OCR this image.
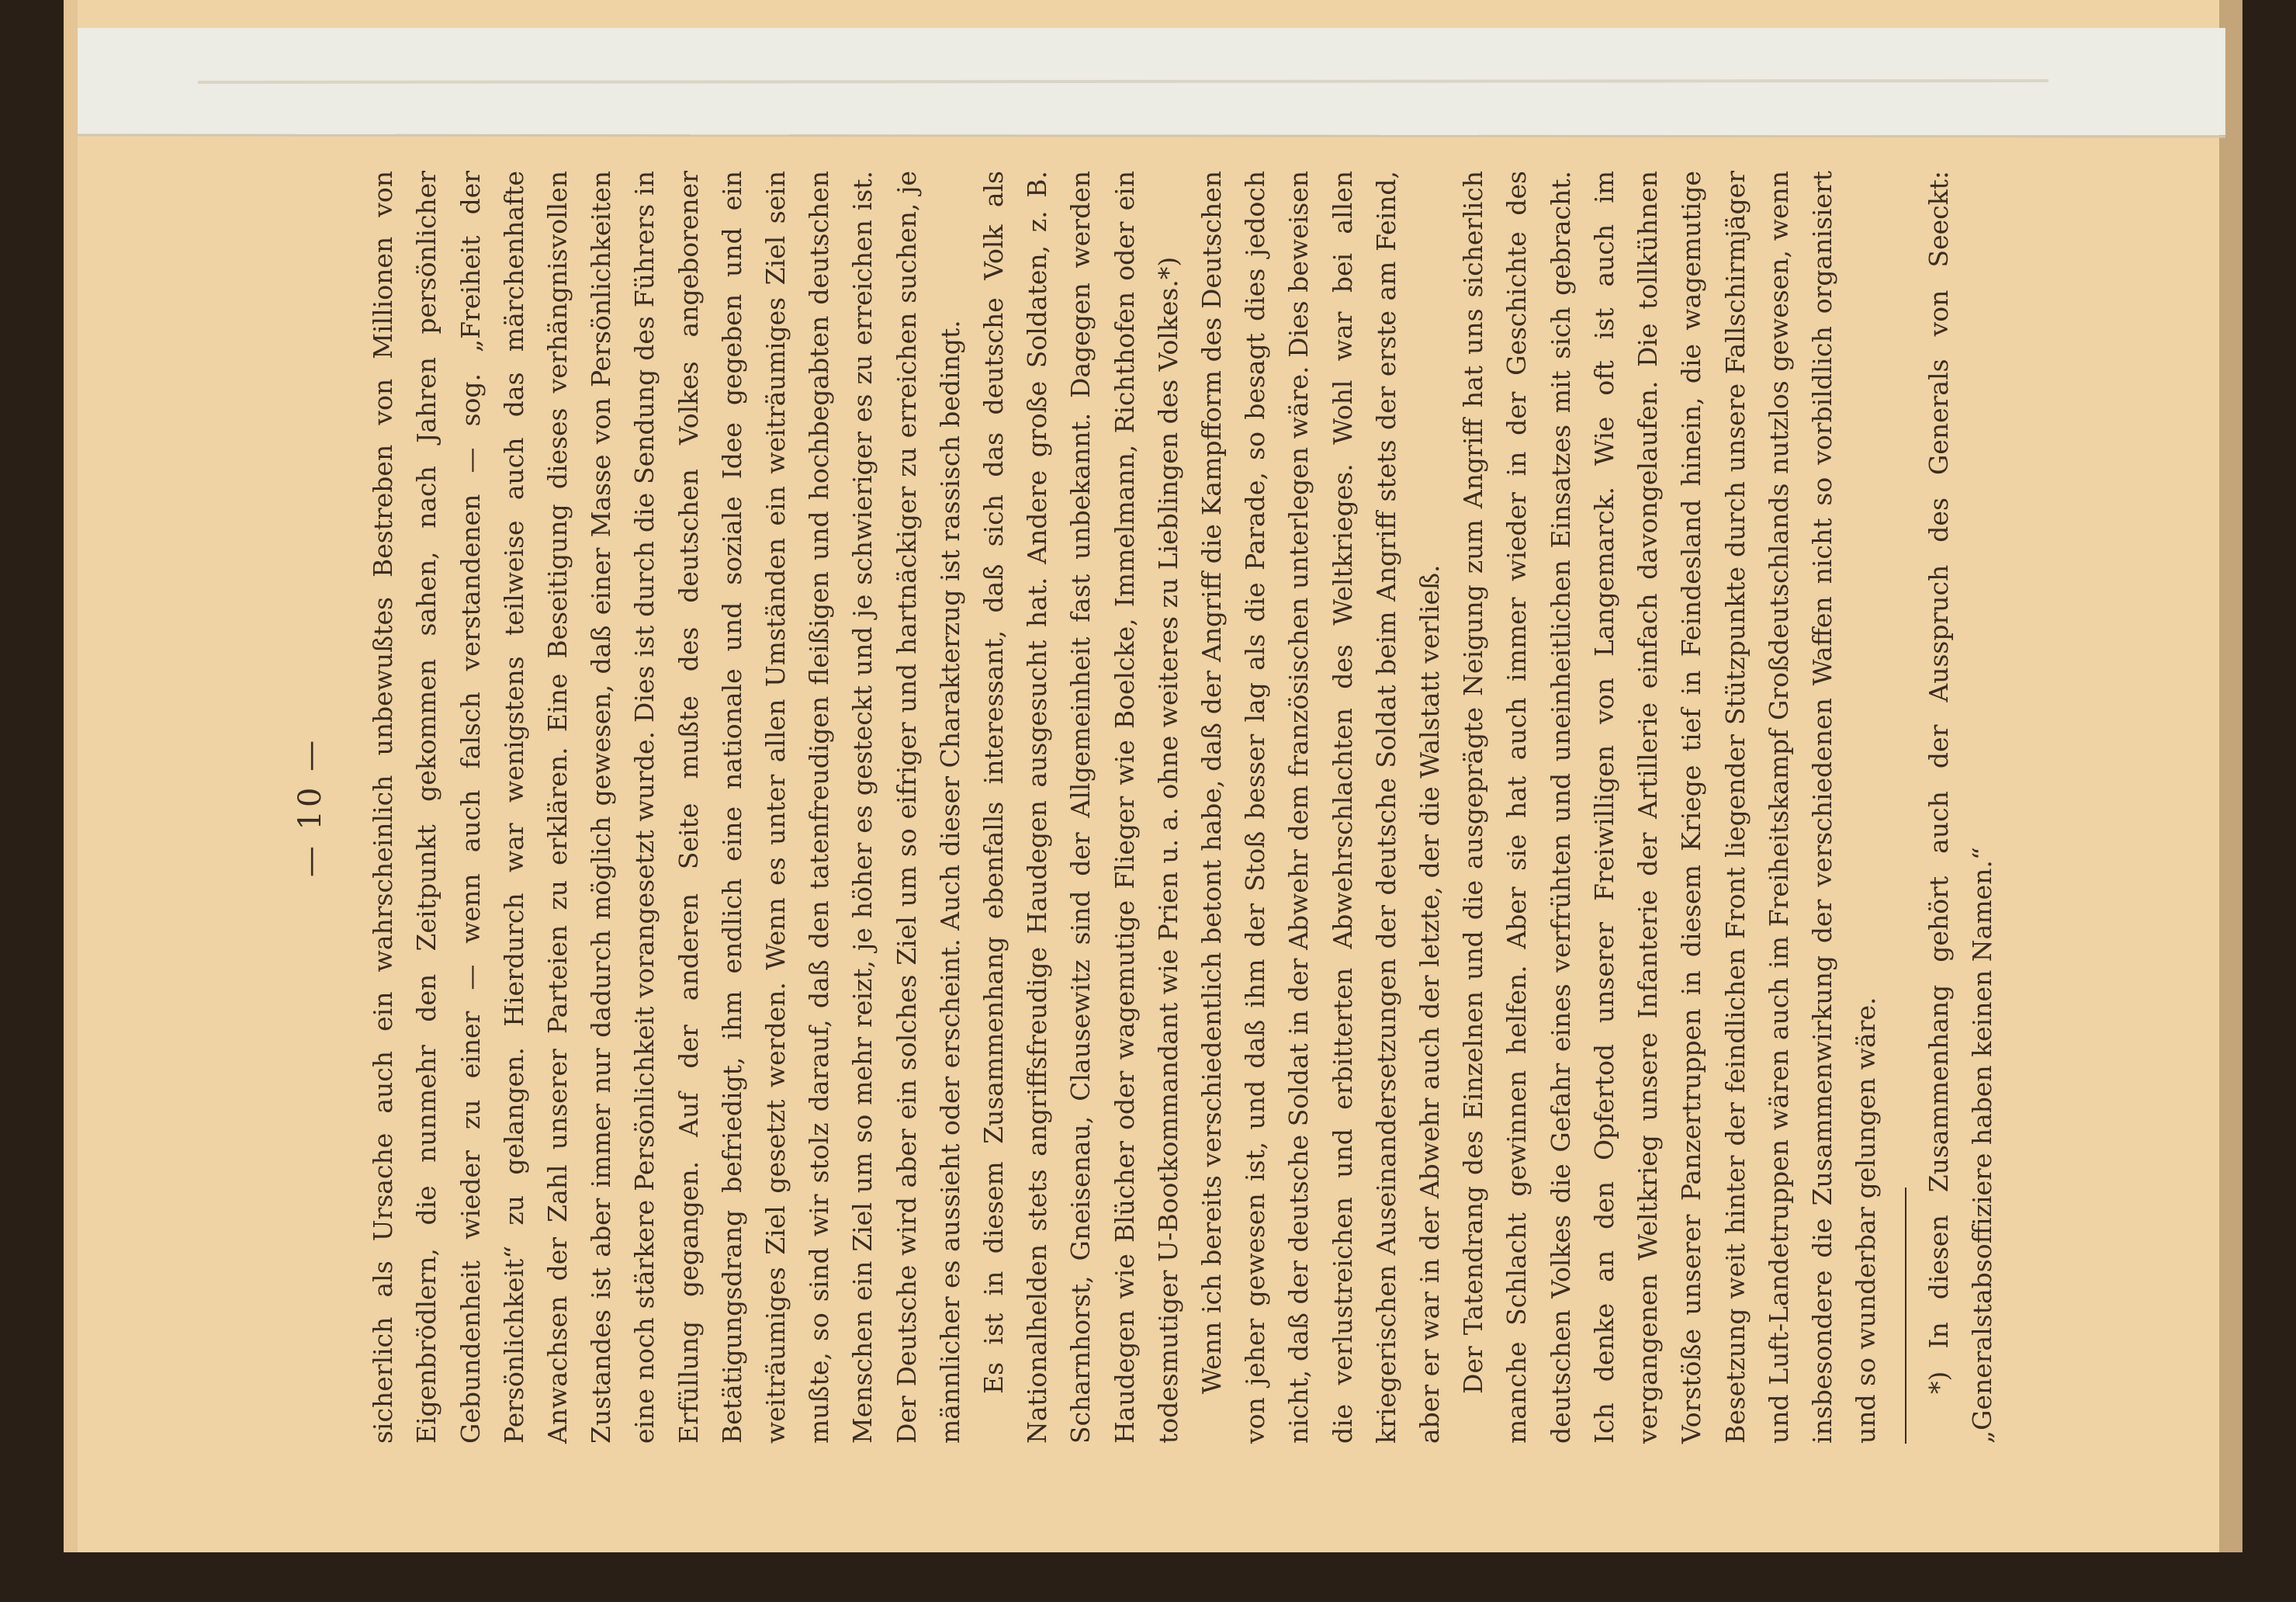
— 10 — sicherlich als Ursache auch ein wahrscheinlich unbewußtes Bestreben von Millionen von Eigenbrödlern, die nunmehr den Zeitpunkt gekommen sahen, nach Jahren persönlicher Gebundenheit wieder zu einer — wenn auch falsch verstandenen — sog. „Freiheit der Persönlichkeit“ zu gelangen. Hierdurch war wenigstens teilweise auch das märchenhafte Anwachsen der Zahl unserer Parteien zu erklären. Eine Beseitigung dieses verhängnisvollen Zustandes ist aber immer nur dadurch möglich gewesen, daß einer Masse von Persönlichkeiten eine noch stärkere Persönlichkeit vorangesetzt wurde. Dies ist durch die Sendung des Führers in Erfüllung gegangen. Auf der anderen Seite mußte des deutschen Volkes angeborener Betätigungsdrang befriedigt, ihm endlich eine nationale und soziale Idee gegeben und ein weiträumiges Ziel gesetzt werden. Wenn es unter allen Umständen ein weiträumiges Ziel sein mußte, so sind wir stolz darauf, daß den tatenfreudigen fleißigen und hochbegabten deutschen Menschen ein Ziel um so mehr reizt, je höher es gesteckt und je schwieriger es zu erreichen ist. Der Deutsche wird aber ein solches Ziel um so eifriger und hartnäckiger zu erreichen suchen, je männlicher es aussieht oder erscheint. Auch dieser Charakterzug ist rassisch bedingt. Es ist in diesem Zusammenhang ebenfalls interessant, daß sich das deutsche Volk als Nationalhelden stets angriffsfreudige Haudegen ausgesucht hat. Andere große Soldaten, z. B. Scharnhorst, Gneisenau, Clausewitz sind der Allgemeinheit fast unbekannt. Dagegen werden Haudegen wie Blücher oder wagemutige Flieger wie Boelcke, Immelmann, Richthofen oder ein todesmutiger U-Bootkommandant wie Prien u. a. ohne weiteres zu Lieblingen des Volkes.*) Wenn ich bereits verschiedentlich betont habe, daß der Angriff die Kampfform des Deutschen von jeher gewesen ist, und daß ihm der Stoß besser lag als die Parade, so besagt dies jedoch nicht, daß der deutsche Soldat in der Abwehr dem französischen unterlegen wäre. Dies beweisen die verlustreichen und erbitterten Abwehrschlachten des Weltkrieges. Wohl war bei allen kriegerischen Auseinandersetzungen der deutsche Soldat beim Angriff stets der erste am Feind, aber er war in der Abwehr auch der letzte, der die Walstatt verließ. Der Tatendrang des Einzelnen und die ausgeprägte Neigung zum Angriff hat uns sicherlich manche Schlacht gewinnen helfen. Aber sie hat auch immer wieder in der Geschichte des deutschen Volkes die Gefahr eines verfrühten und uneinheitlichen Einsatzes mit sich gebracht. Ich denke an den Opfertod unserer Freiwilligen von Langemarck. Wie oft ist auch im vergangenen Weltkrieg unsere Infanterie der Artillerie einfach davongelaufen. Die tollkühnen Vorstöße unserer Panzertruppen in diesem Kriege tief in Feindesland hinein, die wagemutige Besetzung weit hinter der feindlichen Front liegender Stützpunkte durch unsere Fallschirmjäger und Luft-Landetruppen wären auch im Freiheitskampf Großdeutschlands nutzlos gewesen, wenn insbesondere die Zusammenwirkung der verschiedenen Waffen nicht so vorbildlich organisiert und so wunderbar gelungen wäre. *) In diesen Zusammenhang gehört auch der Ausspruch des Generals von Seeckt: „Generalstabsoffiziere haben keinen Namen.“
